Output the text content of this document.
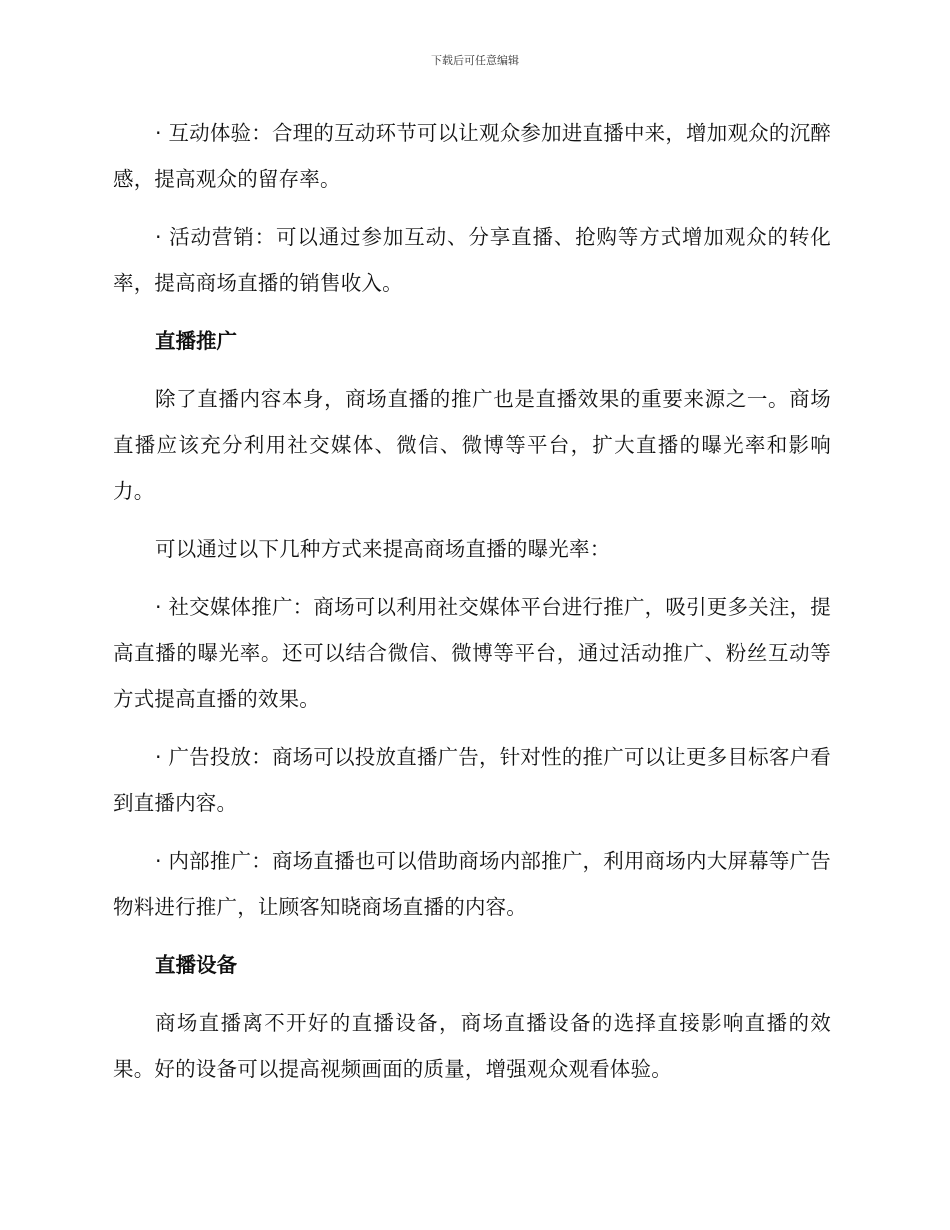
下载后可任意编辑

· 互动体验：合理的互动环节可以让观众参加进直播中来，增加观众的沉醉感，提高观众的留存率。

· 活动营销：可以通过参加互动、分享直播、抢购等方式增加观众的转化率，提高商场直播的销售收入。

直播推广

除了直播内容本身，商场直播的推广也是直播效果的重要来源之一。商场直播应该充分利用社交媒体、微信、微博等平台，扩大直播的曝光率和影响力。

可以通过以下几种方式来提高商场直播的曝光率：

· 社交媒体推广：商场可以利用社交媒体平台进行推广，吸引更多关注，提高直播的曝光率。还可以结合微信、微博等平台，通过活动推广、粉丝互动等方式提高直播的效果。

· 广告投放：商场可以投放直播广告，针对性的推广可以让更多目标客户看到直播内容。

· 内部推广：商场直播也可以借助商场内部推广，利用商场内大屏幕等广告物料进行推广，让顾客知晓商场直播的内容。

直播设备

商场直播离不开好的直播设备，商场直播设备的选择直接影响直播的效果。好的设备可以提高视频画面的质量，增强观众观看体验。
